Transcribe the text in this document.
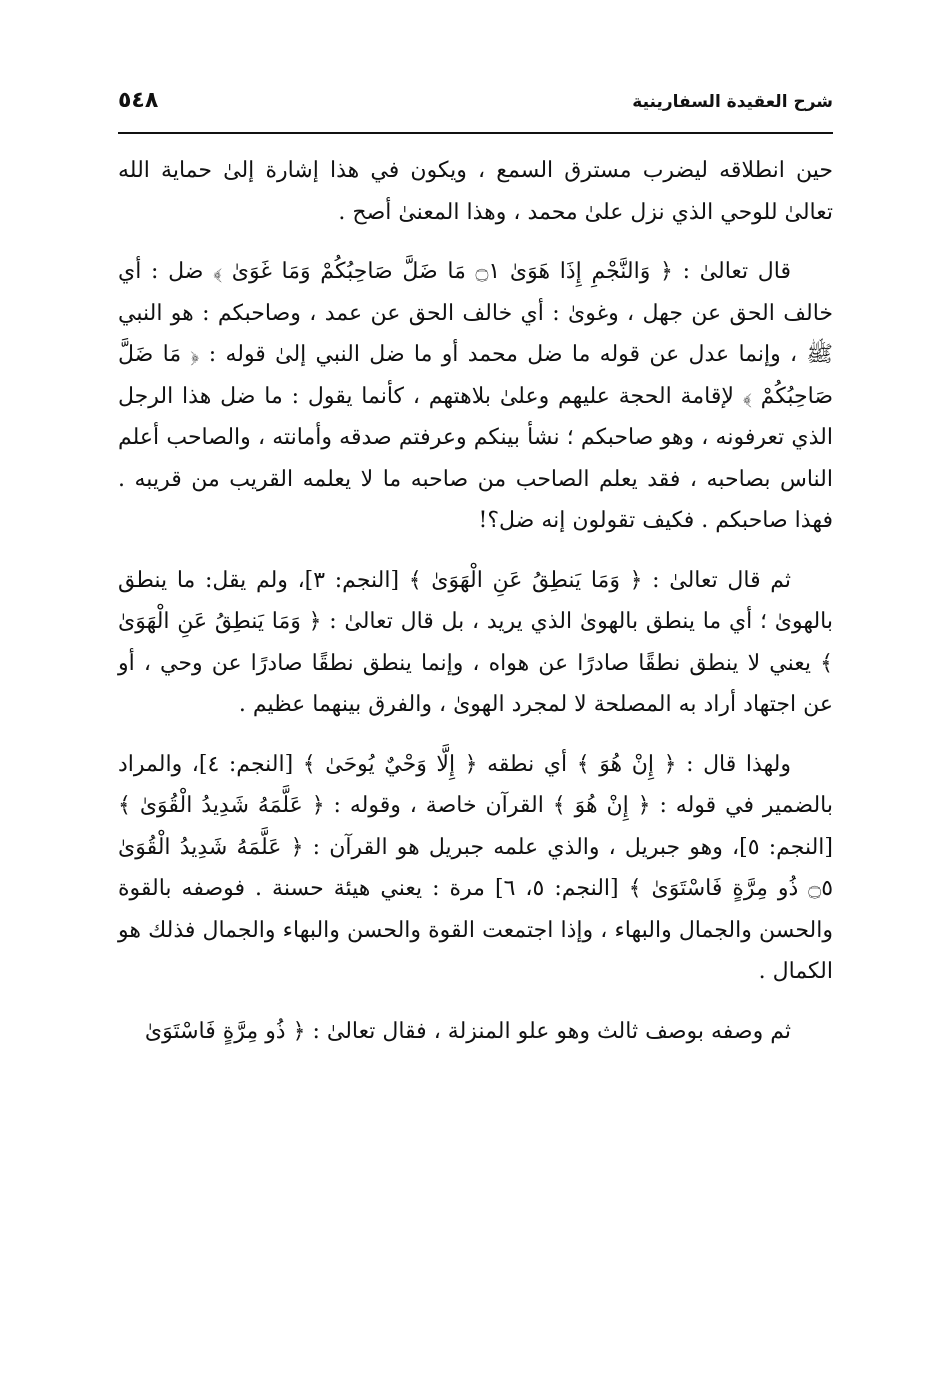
شرح العقيدة السفارينية
٥٤٨

حين انطلاقه ليضرب مسترق السمع ، ويكون في هذا إشارة إلىٰ حماية الله تعالىٰ للوحي الذي نزل علىٰ محمد ، وهذا المعنىٰ أصح .

قال تعالىٰ : ﴿ وَالنَّجْمِ إِذَا هَوَىٰ ۝١ مَا ضَلَّ صَاحِبُكُمْ وَمَا غَوَىٰ ﴾ ضل : أي خالف الحق عن جهل ، وغوىٰ : أي خالف الحق عن عمد ، وصاحبكم : هو النبي ﷺ ، وإنما عدل عن قوله ما ضل محمد أو ما ضل النبي إلىٰ قوله : ﴿ مَا ضَلَّ صَاحِبُكُمْ ﴾ لإقامة الحجة عليهم وعلىٰ بلاهتهم ، كأنما يقول : ما ضل هذا الرجل الذي تعرفونه ، وهو صاحبكم ؛ نشأ بينكم وعرفتم صدقه وأمانته ، والصاحب أعلم الناس بصاحبه ، فقد يعلم الصاحب من صاحبه ما لا يعلمه القريب من قريبه . فهذا صاحبكم . فكيف تقولون إنه ضل؟!

ثم قال تعالىٰ : ﴿ وَمَا يَنطِقُ عَنِ الْهَوَىٰ ﴾ [النجم: ٣]، ولم يقل: ما ينطق بالهوىٰ ؛ أي ما ينطق بالهوىٰ الذي يريد ، بل قال تعالىٰ : ﴿ وَمَا يَنطِقُ عَنِ الْهَوَىٰ ﴾ يعني لا ينطق نطقًا صادرًا عن هواه ، وإنما ينطق نطقًا صادرًا عن وحي ، أو عن اجتهاد أراد به المصلحة لا لمجرد الهوىٰ ، والفرق بينهما عظيم .

ولهذا قال : ﴿ إِنْ هُوَ ﴾ أي نطقه ﴿ إِلَّا وَحْيٌ يُوحَىٰ ﴾ [النجم: ٤]، والمراد بالضمير في قوله : ﴿ إِنْ هُوَ ﴾ القرآن خاصة ، وقوله : ﴿ عَلَّمَهُ شَدِيدُ الْقُوَىٰ ﴾ [النجم: ٥]، وهو جبريل ، والذي علمه جبريل هو القرآن : ﴿ عَلَّمَهُ شَدِيدُ الْقُوَىٰ ۝٥ ذُو مِرَّةٍ فَاسْتَوَىٰ ﴾ [النجم: ٥، ٦] مرة : يعني هيئة حسنة . فوصفه بالقوة والحسن والجمال والبهاء ، وإذا اجتمعت القوة والحسن والبهاء والجمال فذلك هو الكمال .

ثم وصفه بوصف ثالث وهو علو المنزلة ، فقال تعالىٰ : ﴿ ذُو مِرَّةٍ فَاسْتَوَىٰ
